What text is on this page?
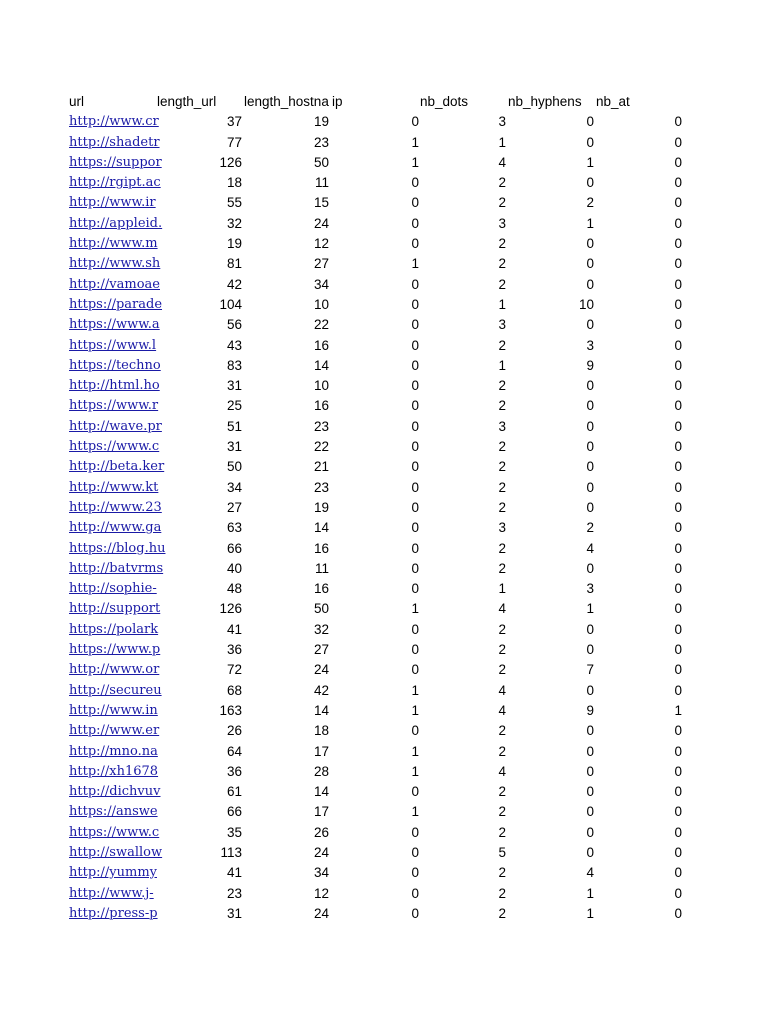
url	length_url length_hostna ip	nb_dots	nb_hyphens nb_at
http://www.cr	37	19	0	3	0	0
http://shadetr	77	23	1	1	0	0
https://suppor	126	50	1	4	1	0
http://rgipt.ac	18	11	0	2	0	0
http://www.ir	55	15	0	2	2	0
http://appleid.	32	24	0	3	1	0
http://www.m	19	12	0	2	0	0
http://www.sh	81	27	1	2	0	0
http://vamoae	42	34	0	2	0	0
https://parade	104	10	0	1	10	0
https://www.a	56	22	0	3	0	0
https://www.l	43	16	0	2	3	0
https://techno	83	14	0	1	9	0
http://html.ho	31	10	0	2	0	0
https://www.r	25	16	0	2	0	0
http://wave.pr	51	23	0	3	0	0
https://www.c	31	22	0	2	0	0
http://beta.ker	50	21	0	2	0	0
http://www.kt	34	23	0	2	0	0
http://www.23	27	19	0	2	0	0
http://www.ga	63	14	0	3	2	0
https://blog.hu	66	16	0	2	4	0
http://batvrms	40	11	0	2	0	0
http://sophie-	48	16	0	1	3	0
http://support	126	50	1	4	1	0
https://polark	41	32	0	2	0	0
https://www.p	36	27	0	2	0	0
http://www.or	72	24	0	2	7	0
http://secureu	68	42	1	4	0	0
http://www.in	163	14	1	4	9	1
http://www.er	26	18	0	2	0	0
http://mno.na	64	17	1	2	0	0
http://xh1678	36	28	1	4	0	0
http://dichvuv	61	14	0	2	0	0
https://answe	66	17	1	2	0	0
https://www.c	35	26	0	2	0	0
http://swallow	113	24	0	5	0	0
http://yummy	41	34	0	2	4	0
http://www.j-	23	12	0	2	1	0
http://press-p	31	24	0	2	1	0
